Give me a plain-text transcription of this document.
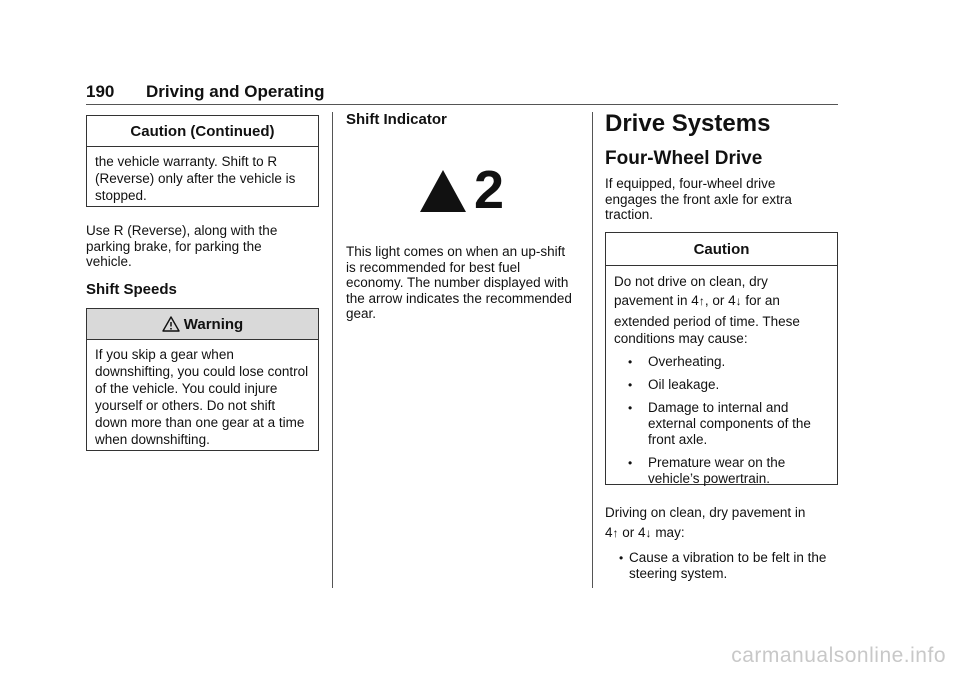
190 Driving and Operating
Caution (Continued)
the vehicle warranty. Shift to R (Reverse) only after the vehicle is stopped.

Use R (Reverse), along with the parking brake, for parking the vehicle.

Shift Speeds
Warning
If you skip a gear when downshifting, you could lose control of the vehicle. You could injure yourself or others. Do not shift down more than one gear at a time when downshifting.
Shift Indicator
2

This light comes on when an up-shift is recommended for best fuel economy. The number displayed with the arrow indicates the recommended gear.

Drive Systems
Four-Wheel Drive

If equipped, four-wheel drive engages the front axle for extra traction.

Caution
Do not drive on clean, dry
pavement in 4↑, or 4↓ for an
extended period of time. These conditions may cause:
• Overheating.
• Oil leakage.
• Damage to internal and external components of the front axle.
• Premature wear on the vehicle’s powertrain.
Driving on clean, dry pavement in
4↑ or 4↓ may:
• Cause a vibration to be felt in the steering system.
carmanualsonline.info
